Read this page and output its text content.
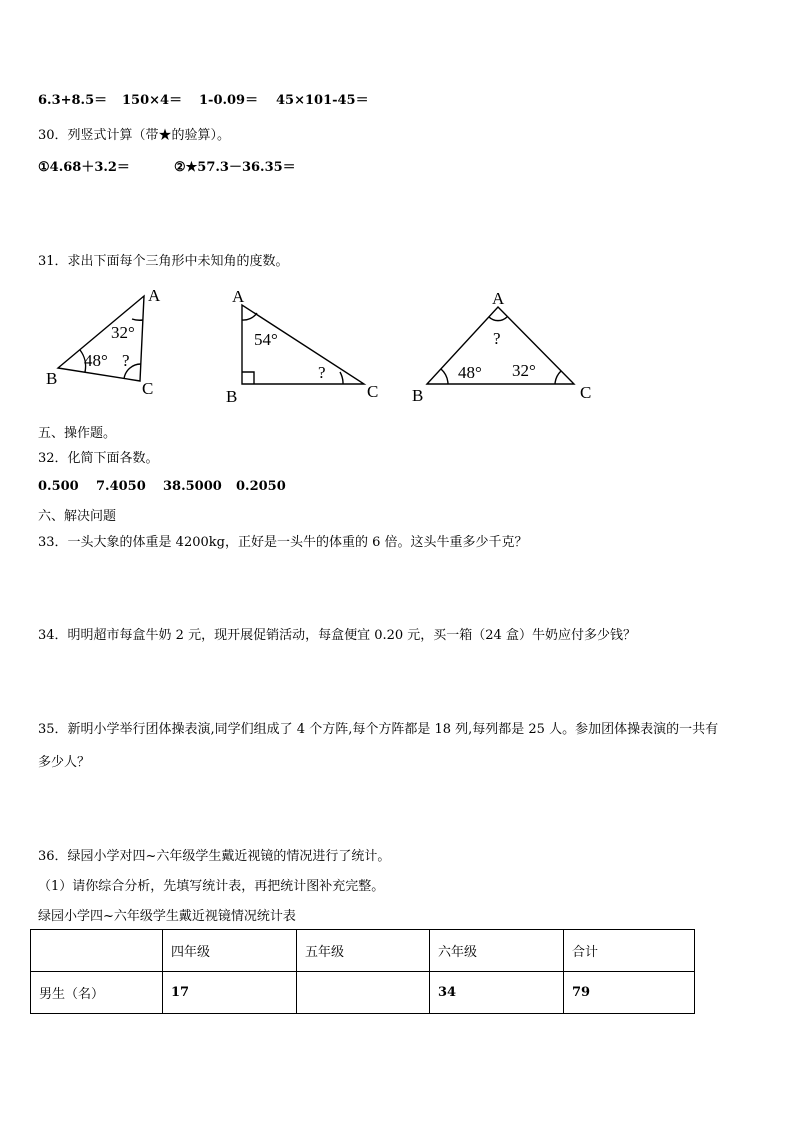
6.3+8.5＝ 150×4＝ 1-0.09＝ 45×101-45＝
30．列竖式计算（带★的验算）。
①4.68＋3.2＝	②★57.3－36.35＝
31．求出下面每个三角形中未知角的度数。
A
B
C
32°
48° ?
A
B	C
54°
?
A
B	C
?
48° 32°
五、操作题。
32．化简下面各数。
0.500 7.4050 38.5000 0.2050
六、解决问题
33．一头大象的体重是 4200kg，正好是一头牛的体重的 6 倍。这头牛重多少千克？
34．明明超市每盒牛奶 2 元，现开展促销活动，每盒便宜 0.20 元，买一箱（24 盒）牛奶应付多少钱？
35．新明小学举行团体操表演,同学们组成了 4 个方阵,每个方阵都是 18 列,每列都是 25 人。参加团体操表演的一共有
多少人？
36．绿园小学对四~六年级学生戴近视镜的情况进行了统计。
（1）请你综合分析，先填写统计表，再把统计图补充完整。
绿园小学四~六年级学生戴近视镜情况统计表
	四年级	五年级	六年级	合计
男生（名）	17		34	79
